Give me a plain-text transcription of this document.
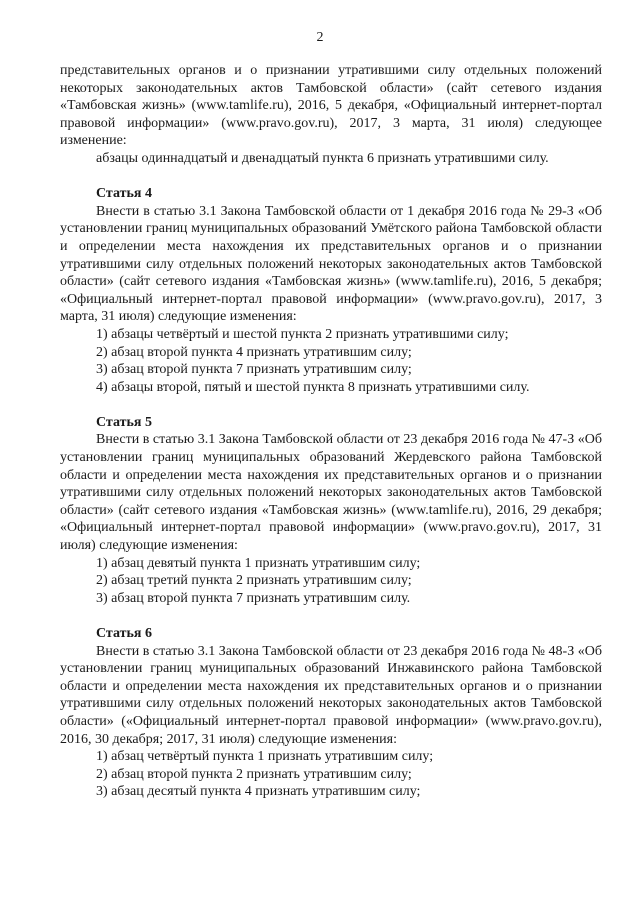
2

представительных органов и о признании утратившими силу отдельных положений некоторых законодательных актов Тамбовской области» (сайт сетевого издания «Тамбовская жизнь» (www.tamlife.ru), 2016, 5 декабря, «Официальный интернет-портал правовой информации» (www.pravo.gov.ru), 2017, 3 марта, 31 июля) следующее изменение:

абзацы одиннадцатый и двенадцатый пункта 6 признать утратившими силу.

Статья 4

Внести в статью 3.1 Закона Тамбовской области от 1 декабря 2016 года № 29-З «Об установлении границ муниципальных образований Умётского района Тамбовской области и определении места нахождения их представительных органов и о признании утратившими силу отдельных положений некоторых законодательных актов Тамбовской области» (сайт сетевого издания «Тамбовская жизнь» (www.tamlife.ru), 2016, 5 декабря; «Официальный интернет-портал правовой информации» (www.pravo.gov.ru), 2017, 3 марта, 31 июля) следующие изменения:

1) абзацы четвёртый и шестой пункта 2 признать утратившими силу;

2) абзац второй пункта 4 признать утратившим силу;

3) абзац второй пункта 7 признать утратившим силу;

4) абзацы второй, пятый и шестой пункта 8 признать утратившими силу.

Статья 5

Внести в статью 3.1 Закона Тамбовской области от 23 декабря 2016 года № 47-З «Об установлении границ муниципальных образований Жердевского района Тамбовской области и определении места нахождения их представительных органов и о признании утратившими силу отдельных положений некоторых законодательных актов Тамбовской области» (сайт сетевого издания «Тамбовская жизнь» (www.tamlife.ru), 2016, 29 декабря; «Официальный интернет-портал правовой информации» (www.pravo.gov.ru), 2017, 31 июля) следующие изменения:

1) абзац девятый пункта 1 признать утратившим силу;

2) абзац третий пункта 2 признать утратившим силу;

3) абзац второй пункта 7 признать утратившим силу.

Статья 6

Внести в статью 3.1 Закона Тамбовской области от 23 декабря 2016 года № 48-З «Об установлении границ муниципальных образований Инжавинского района Тамбовской области и определении места нахождения их представительных органов и о признании утратившими силу отдельных положений некоторых законодательных актов Тамбовской области» («Официальный интернет-портал правовой информации» (www.pravo.gov.ru), 2016, 30 декабря; 2017, 31 июля) следующие изменения:

1) абзац четвёртый пункта 1 признать утратившим силу;

2) абзац второй пункта 2 признать утратившим силу;

3) абзац десятый пункта 4 признать утратившим силу;
